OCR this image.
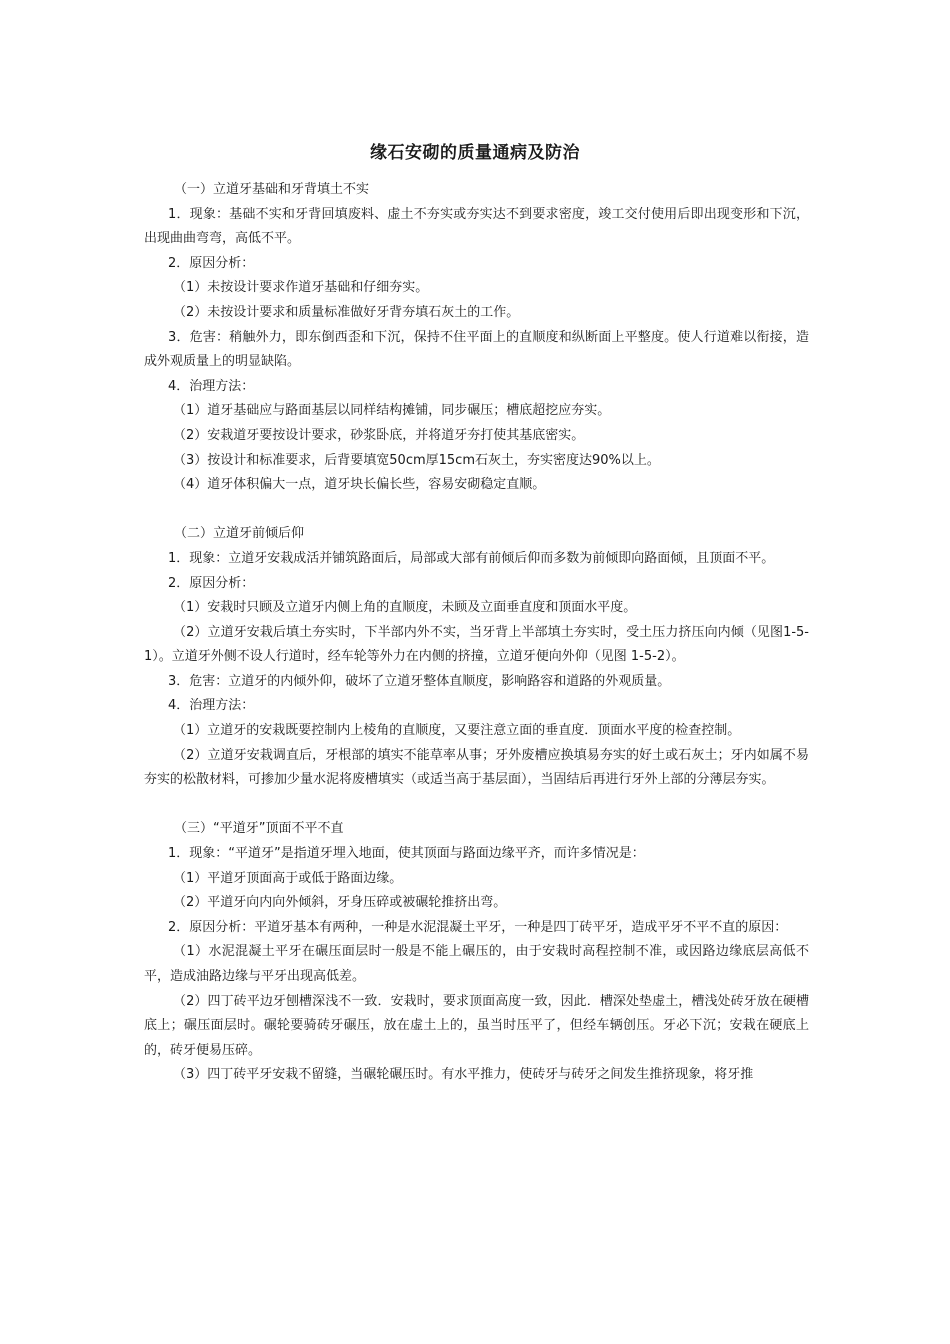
缘石安砌的质量通病及防治

（一）立道牙基础和牙背填土不实

1．现象：基础不实和牙背回填废料、虚土不夯实或夯实达不到要求密度，竣工交付使用后即出现变形和下沉，出现曲曲弯弯，高低不平。

2．原因分析：

（1）未按设计要求作道牙基础和仔细夯实。

（2）未按设计要求和质量标准做好牙背夯填石灰土的工作。

3．危害：稍触外力，即东倒西歪和下沉，保持不住平面上的直顺度和纵断面上平整度。使人行道难以衔接，造成外观质量上的明显缺陷。

4．治理方法：

（1）道牙基础应与路面基层以同样结构摊铺，同步碾压；槽底超挖应夯实。

（2）安栽道牙要按设计要求，砂浆卧底，并将道牙夯打使其基底密实。

（3）按设计和标准要求，后背要填宽50cm厚15cm石灰土，夯实密度达90%以上。

（4）道牙体积偏大一点，道牙块长偏长些，容易安砌稳定直顺。

（二）立道牙前倾后仰

1．现象：立道牙安栽成活并铺筑路面后，局部或大部有前倾后仰而多数为前倾即向路面倾，且顶面不平。

2．原因分析：

（1）安栽时只顾及立道牙内侧上角的直顺度，未顾及立面垂直度和顶面水平度。

（2）立道牙安栽后填土夯实时，下半部内外不实，当牙背上半部填土夯实时，受土压力挤压向内倾（见图1-5-1）。立道牙外侧不设人行道时，经车轮等外力在内侧的挤撞，立道牙便向外仰（见图 1-5-2）。

3．危害：立道牙的内倾外仰，破坏了立道牙整体直顺度，影响路容和道路的外观质量。

4．治理方法：

（1）立道牙的安栽既要控制内上棱角的直顺度，又要注意立面的垂直度．顶面水平度的检查控制。

（2）立道牙安栽调直后，牙根部的填实不能草率从事；牙外废槽应换填易夯实的好土或石灰土；牙内如属不易夯实的松散材料，可掺加少量水泥将废槽填实（或适当高于基层面），当固结后再进行牙外上部的分薄层夯实。

（三）“平道牙”顶面不平不直

1．现象：“平道牙”是指道牙埋入地面，使其顶面与路面边缘平齐，而许多情况是：

（1）平道牙顶面高于或低于路面边缘。

（2）平道牙向内向外倾斜，牙身压碎或被碾轮推挤出弯。

2．原因分析：平道牙基本有两种，一种是水泥混凝土平牙，一种是四丁砖平牙，造成平牙不平不直的原因：

（1）水泥混凝土平牙在碾压面层时一般是不能上碾压的，由于安栽时高程控制不准，或因路边缘底层高低不平，造成油路边缘与平牙出现高低差。

（2）四丁砖平边牙刨槽深浅不一致．安栽时，要求顶面高度一致，因此．槽深处垫虚土，槽浅处砖牙放在硬槽底上；碾压面层时。碾轮要骑砖牙碾压，放在虚土上的，虽当时压平了，但经车辆创压。牙必下沉；安栽在硬底上的，砖牙便易压碎。

（3）四丁砖平牙安栽不留缝，当碾轮碾压时。有水平推力，使砖牙与砖牙之间发生推挤现象，将牙推
